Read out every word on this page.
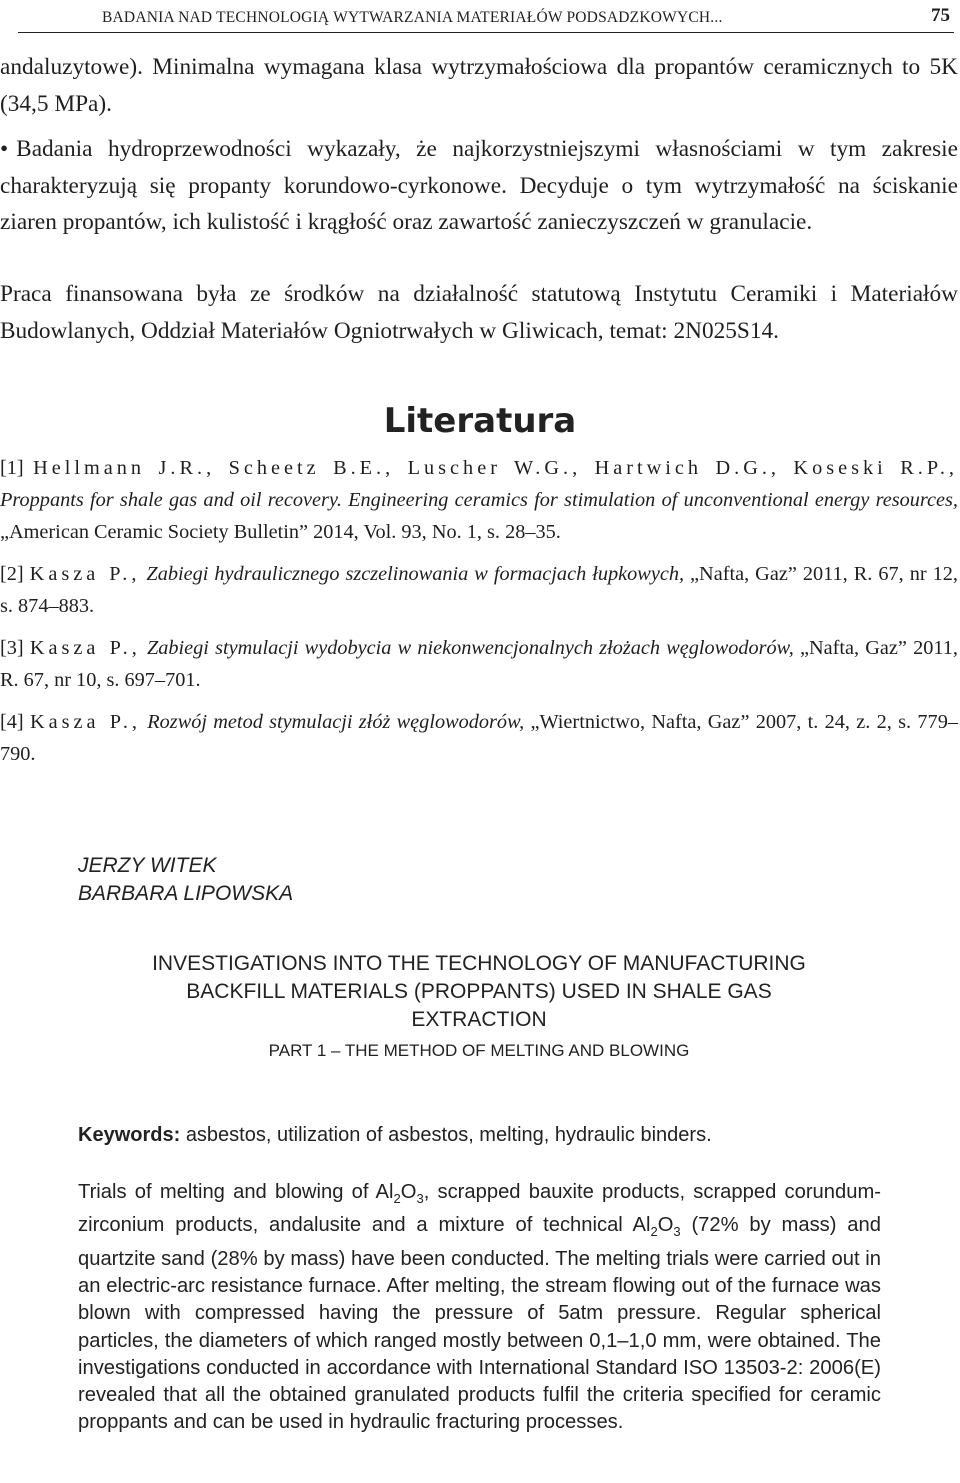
BADANIA NAD TECHNOLOGIĄ WYTWARZANIA MATERIAŁÓW PODSADZKOWYCH...	75

andaluzytowe). Minimalna wymagana klasa wytrzymałościowa dla propantów ceramicznych to 5K (34,5 MPa).

• Badania hydroprzewodności wykazały, że najkorzystniejszymi własnościami w tym zakresie charakteryzują się propanty korundowo-cyrkonowe. Decyduje o tym wytrzymałość na ściskanie ziaren propantów, ich kulistość i krągłość oraz zawartość zanieczyszczeń w granulacie.

Praca finansowana była ze środków na działalność statutową Instytutu Ceramiki i Materiałów Budowlanych, Oddział Materiałów Ogniotrwałych w Gliwicach, temat: 2N025S14.

Literatura

[1] Hellmann J.R., Scheetz B.E., Luscher W.G., Hartwich D.G., Koseski R.P., Proppants for shale gas and oil recovery. Engineering ceramics for stimulation of unconventional energy resources, „American Ceramic Society Bulletin” 2014, Vol. 93, No. 1, s. 28–35.

[2] Kasza P., Zabiegi hydraulicznego szczelinowania w formacjach łupkowych, „Nafta, Gaz” 2011, R. 67, nr 12, s. 874–883.

[3] Kasza P., Zabiegi stymulacji wydobycia w niekonwencjonalnych złożach węglowodorów, „Nafta, Gaz” 2011, R. 67, nr 10, s. 697–701.

[4] Kasza P., Rozwój metod stymulacji złóż węglowodorów, „Wiertnictwo, Nafta, Gaz” 2007, t. 24, z. 2, s. 779–790.

JERZY WITEK
BARBARA LIPOWSKA
INVESTIGATIONS INTO THE TECHNOLOGY OF MANUFACTURING
BACKFILL MATERIALS (PROPPANTS) USED IN SHALE GAS
EXTRACTION
PART 1 – THE METHOD OF MELTING AND BLOWING
Keywords: asbestos, utilization of asbestos, melting, hydraulic binders.

Trials of melting and blowing of $Al_2O_3$, scrapped bauxite products, scrapped corundum-zirconium products, andalusite and a mixture of technical $Al_2O_3$ (72% by mass) and quartzite sand (28% by mass) have been conducted. The melting trials were carried out in an electric-arc resistance furnace. After melting, the stream flowing out of the furnace was blown with compressed having the pressure of 5atm pressure. Regular spherical particles, the diameters of which ranged mostly between 0,1–1,0 mm, were obtained. The investigations conducted in accordance with International Standard ISO 13503-2: 2006(E) revealed that all the obtained granulated products fulfil the criteria specified for ceramic proppants and can be used in hydraulic fracturing processes.
